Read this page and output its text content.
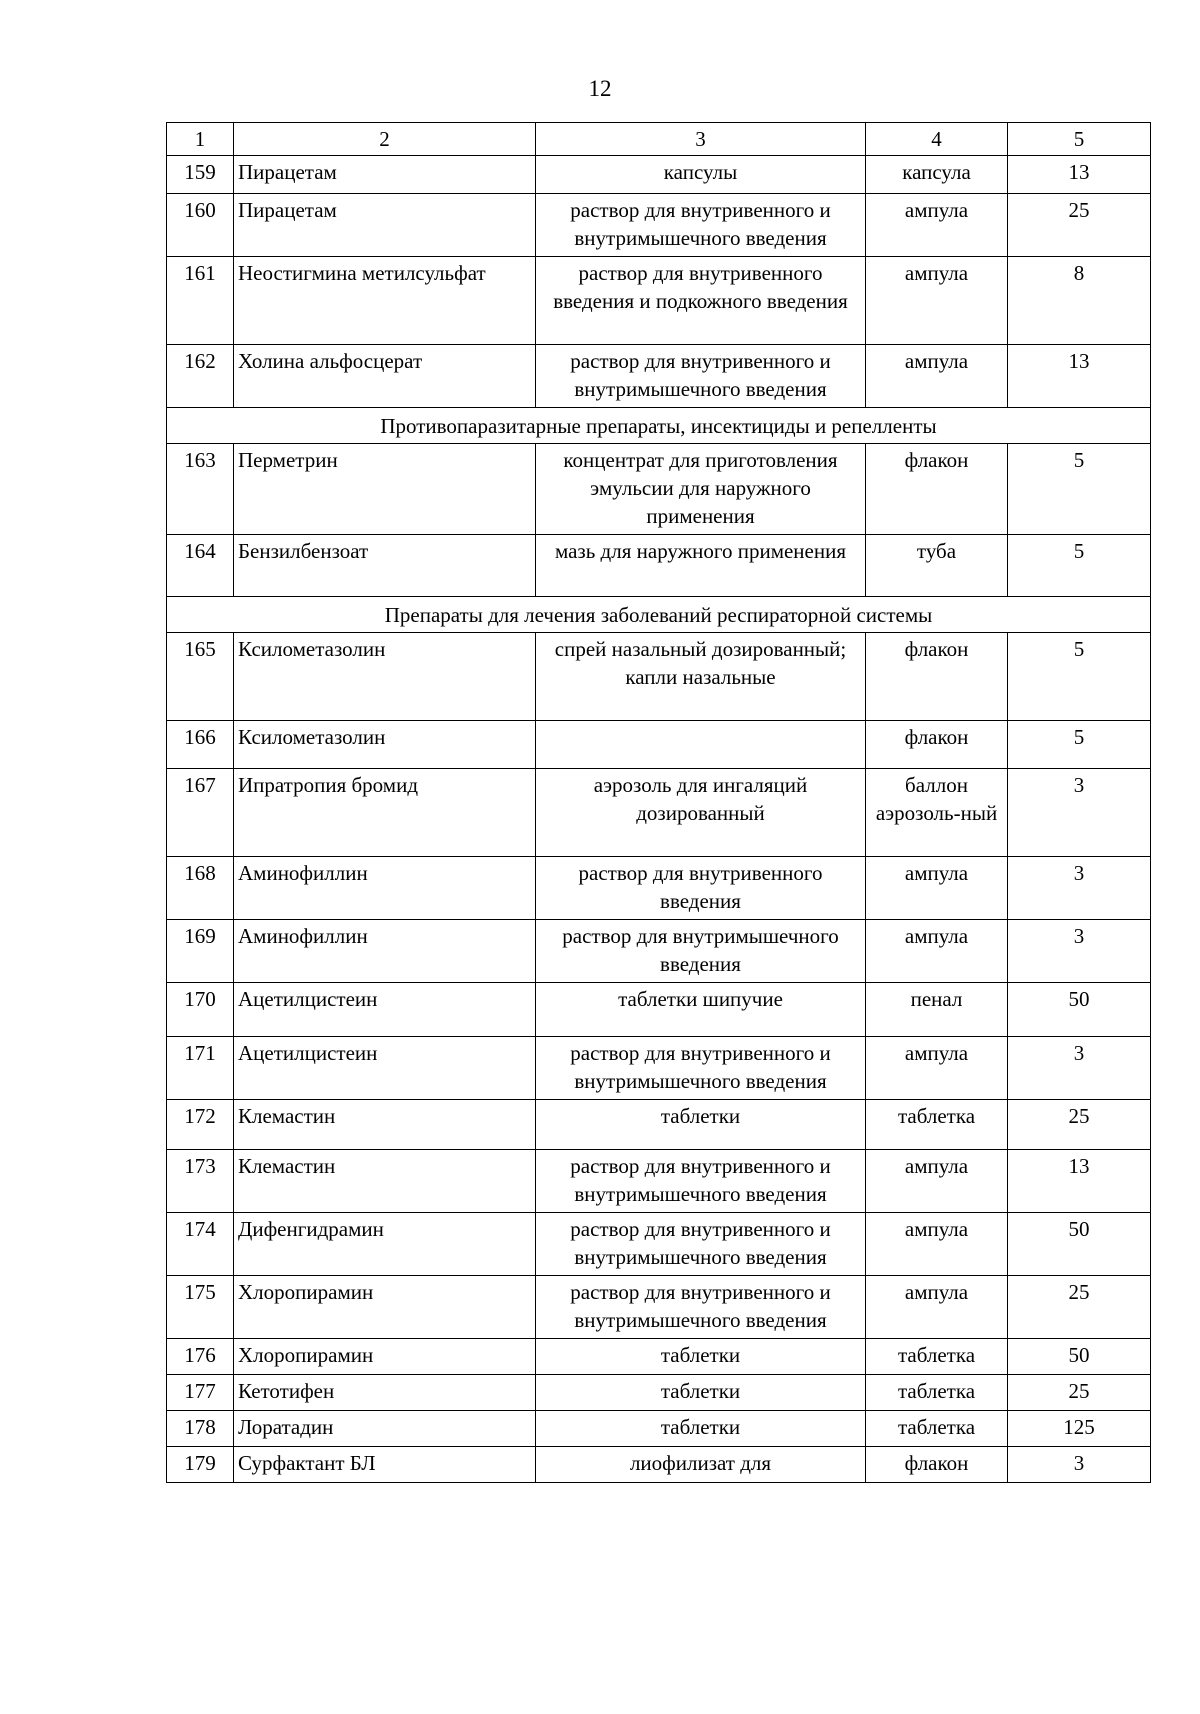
12
1	2	3	4	5
159	Пирацетам	капсулы	капсула	13
160	Пирацетам	раствор для внутривенного и внутримышечного введения	ампула	25
161	Неостигмина метилсульфат	раствор для внутривенного введения и подкожного введения	ампула	8
162	Холина альфосцерат	раствор для внутривенного и внутримышечного введения	ампула	13
Противопаразитарные препараты, инсектициды и репелленты				
163	Перметрин	концентрат для приготовления эмульсии для наружного применения	флакон	5
164	Бензилбензоат	мазь для наружного применения	туба	5
Препараты для лечения заболеваний респираторной системы				
165	Ксилометазолин	спрей назальный дозированный; капли назальные	флакон	5
166	Ксилометазолин		флакон	5
167	Ипратропия бромид	аэрозоль для ингаляций дозированный	баллон аэрозоль-ный	3
168	Аминофиллин	раствор для внутривенного введения	ампула	3
169	Аминофиллин	раствор для внутримышечного введения	ампула	3
170	Ацетилцистеин	таблетки шипучие	пенал	50
171	Ацетилцистеин	раствор для внутривенного и внутримышечного введения	ампула	3
172	Клемастин	таблетки	таблетка	25
173	Клемастин	раствор для внутривенного и внутримышечного введения	ампула	13
174	Дифенгидрамин	раствор для внутривенного и внутримышечного введения	ампула	50
175	Хлоропирамин	раствор для внутривенного и внутримышечного введения	ампула	25
176	Хлоропирамин	таблетки	таблетка	50
177	Кетотифен	таблетки	таблетка	25
178	Лоратадин	таблетки	таблетка	125
179	Сурфактант БЛ	лиофилизат для	флакон	3
